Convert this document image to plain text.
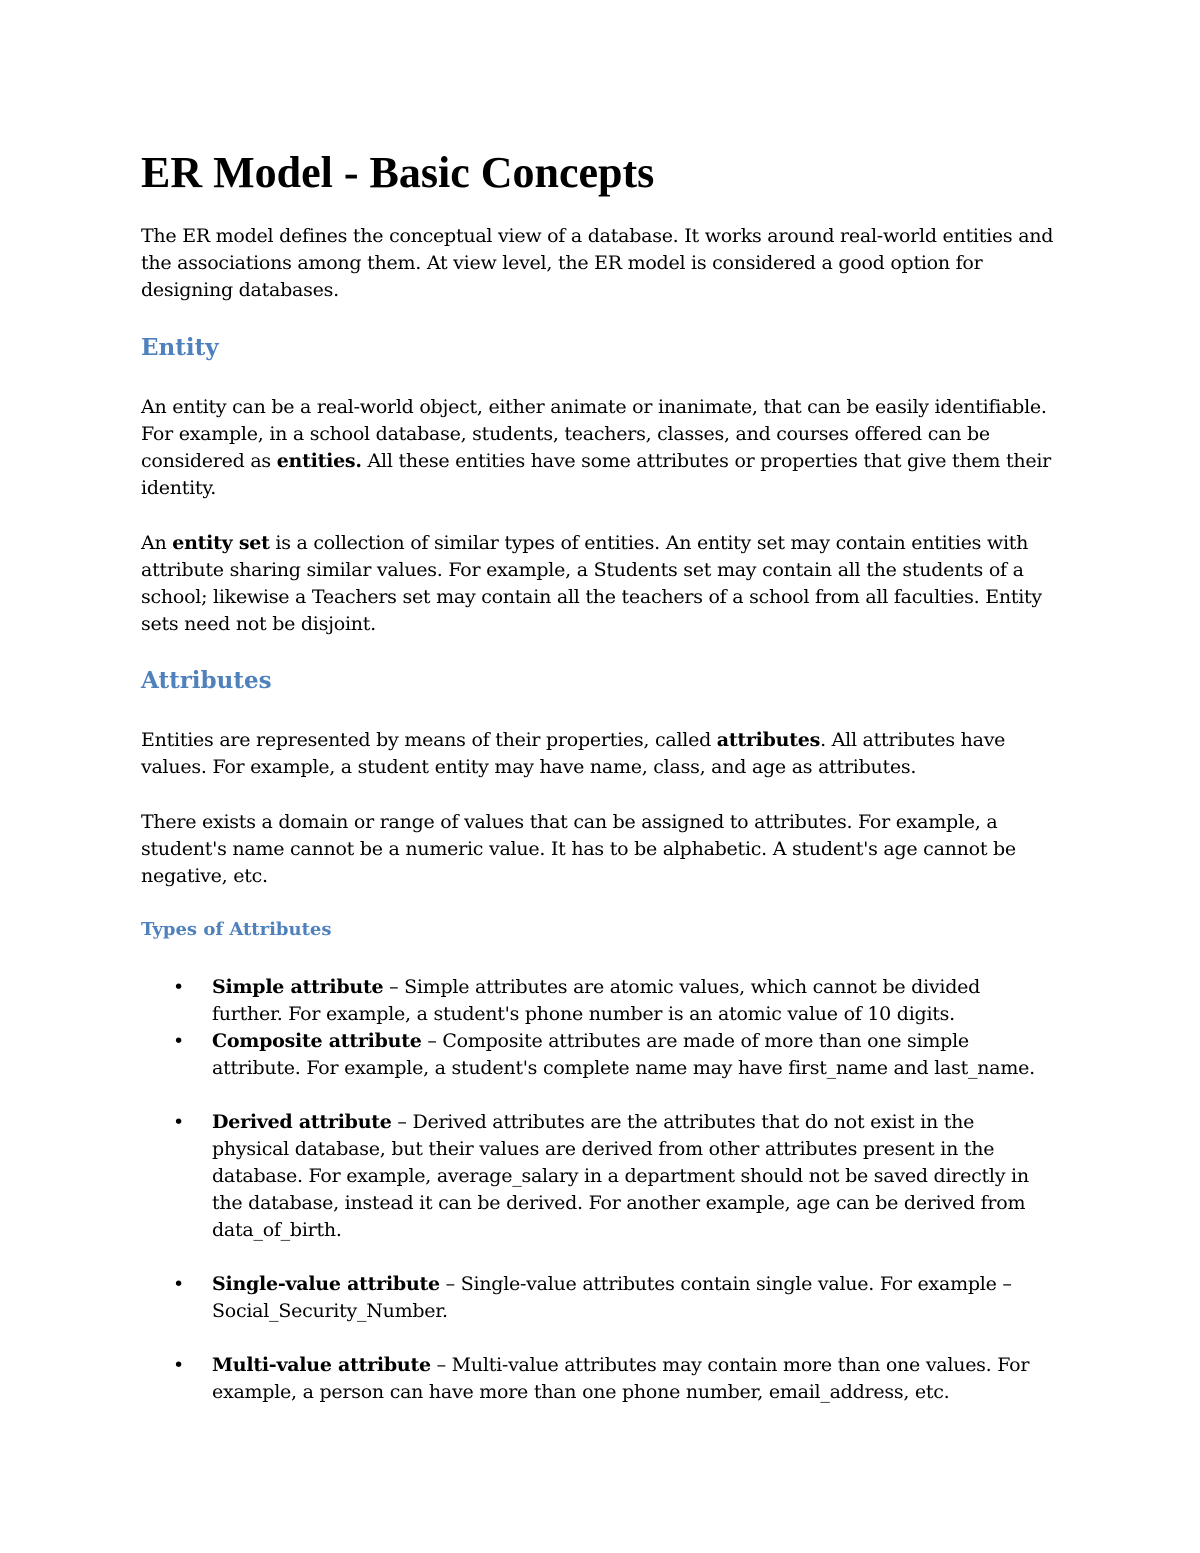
ER Model - Basic Concepts

The ER model defines the conceptual view of a database. It works around real-world entities and the associations among them. At view level, the ER model is considered a good option for designing databases.

Entity

An entity can be a real-world object, either animate or inanimate, that can be easily identifiable. For example, in a school database, students, teachers, classes, and courses offered can be considered as entities. All these entities have some attributes or properties that give them their identity.

An entity set is a collection of similar types of entities. An entity set may contain entities with attribute sharing similar values. For example, a Students set may contain all the students of a school; likewise a Teachers set may contain all the teachers of a school from all faculties. Entity sets need not be disjoint.

Attributes

Entities are represented by means of their properties, called attributes. All attributes have values. For example, a student entity may have name, class, and age as attributes.

There exists a domain or range of values that can be assigned to attributes. For example, a student's name cannot be a numeric value. It has to be alphabetic. A student's age cannot be negative, etc.

Types of Attributes
• Simple attribute – Simple attributes are atomic values, which cannot be divided further. For example, a student's phone number is an atomic value of 10 digits.
• Composite attribute – Composite attributes are made of more than one simple attribute. For example, a student's complete name may have first_name and last_name.
• Derived attribute – Derived attributes are the attributes that do not exist in the physical database, but their values are derived from other attributes present in the database. For example, average_salary in a department should not be saved directly in the database, instead it can be derived. For another example, age can be derived from data_of_birth.
• Single-value attribute – Single-value attributes contain single value. For example – Social_Security_Number.
• Multi-value attribute – Multi-value attributes may contain more than one values. For example, a person can have more than one phone number, email_address, etc.
